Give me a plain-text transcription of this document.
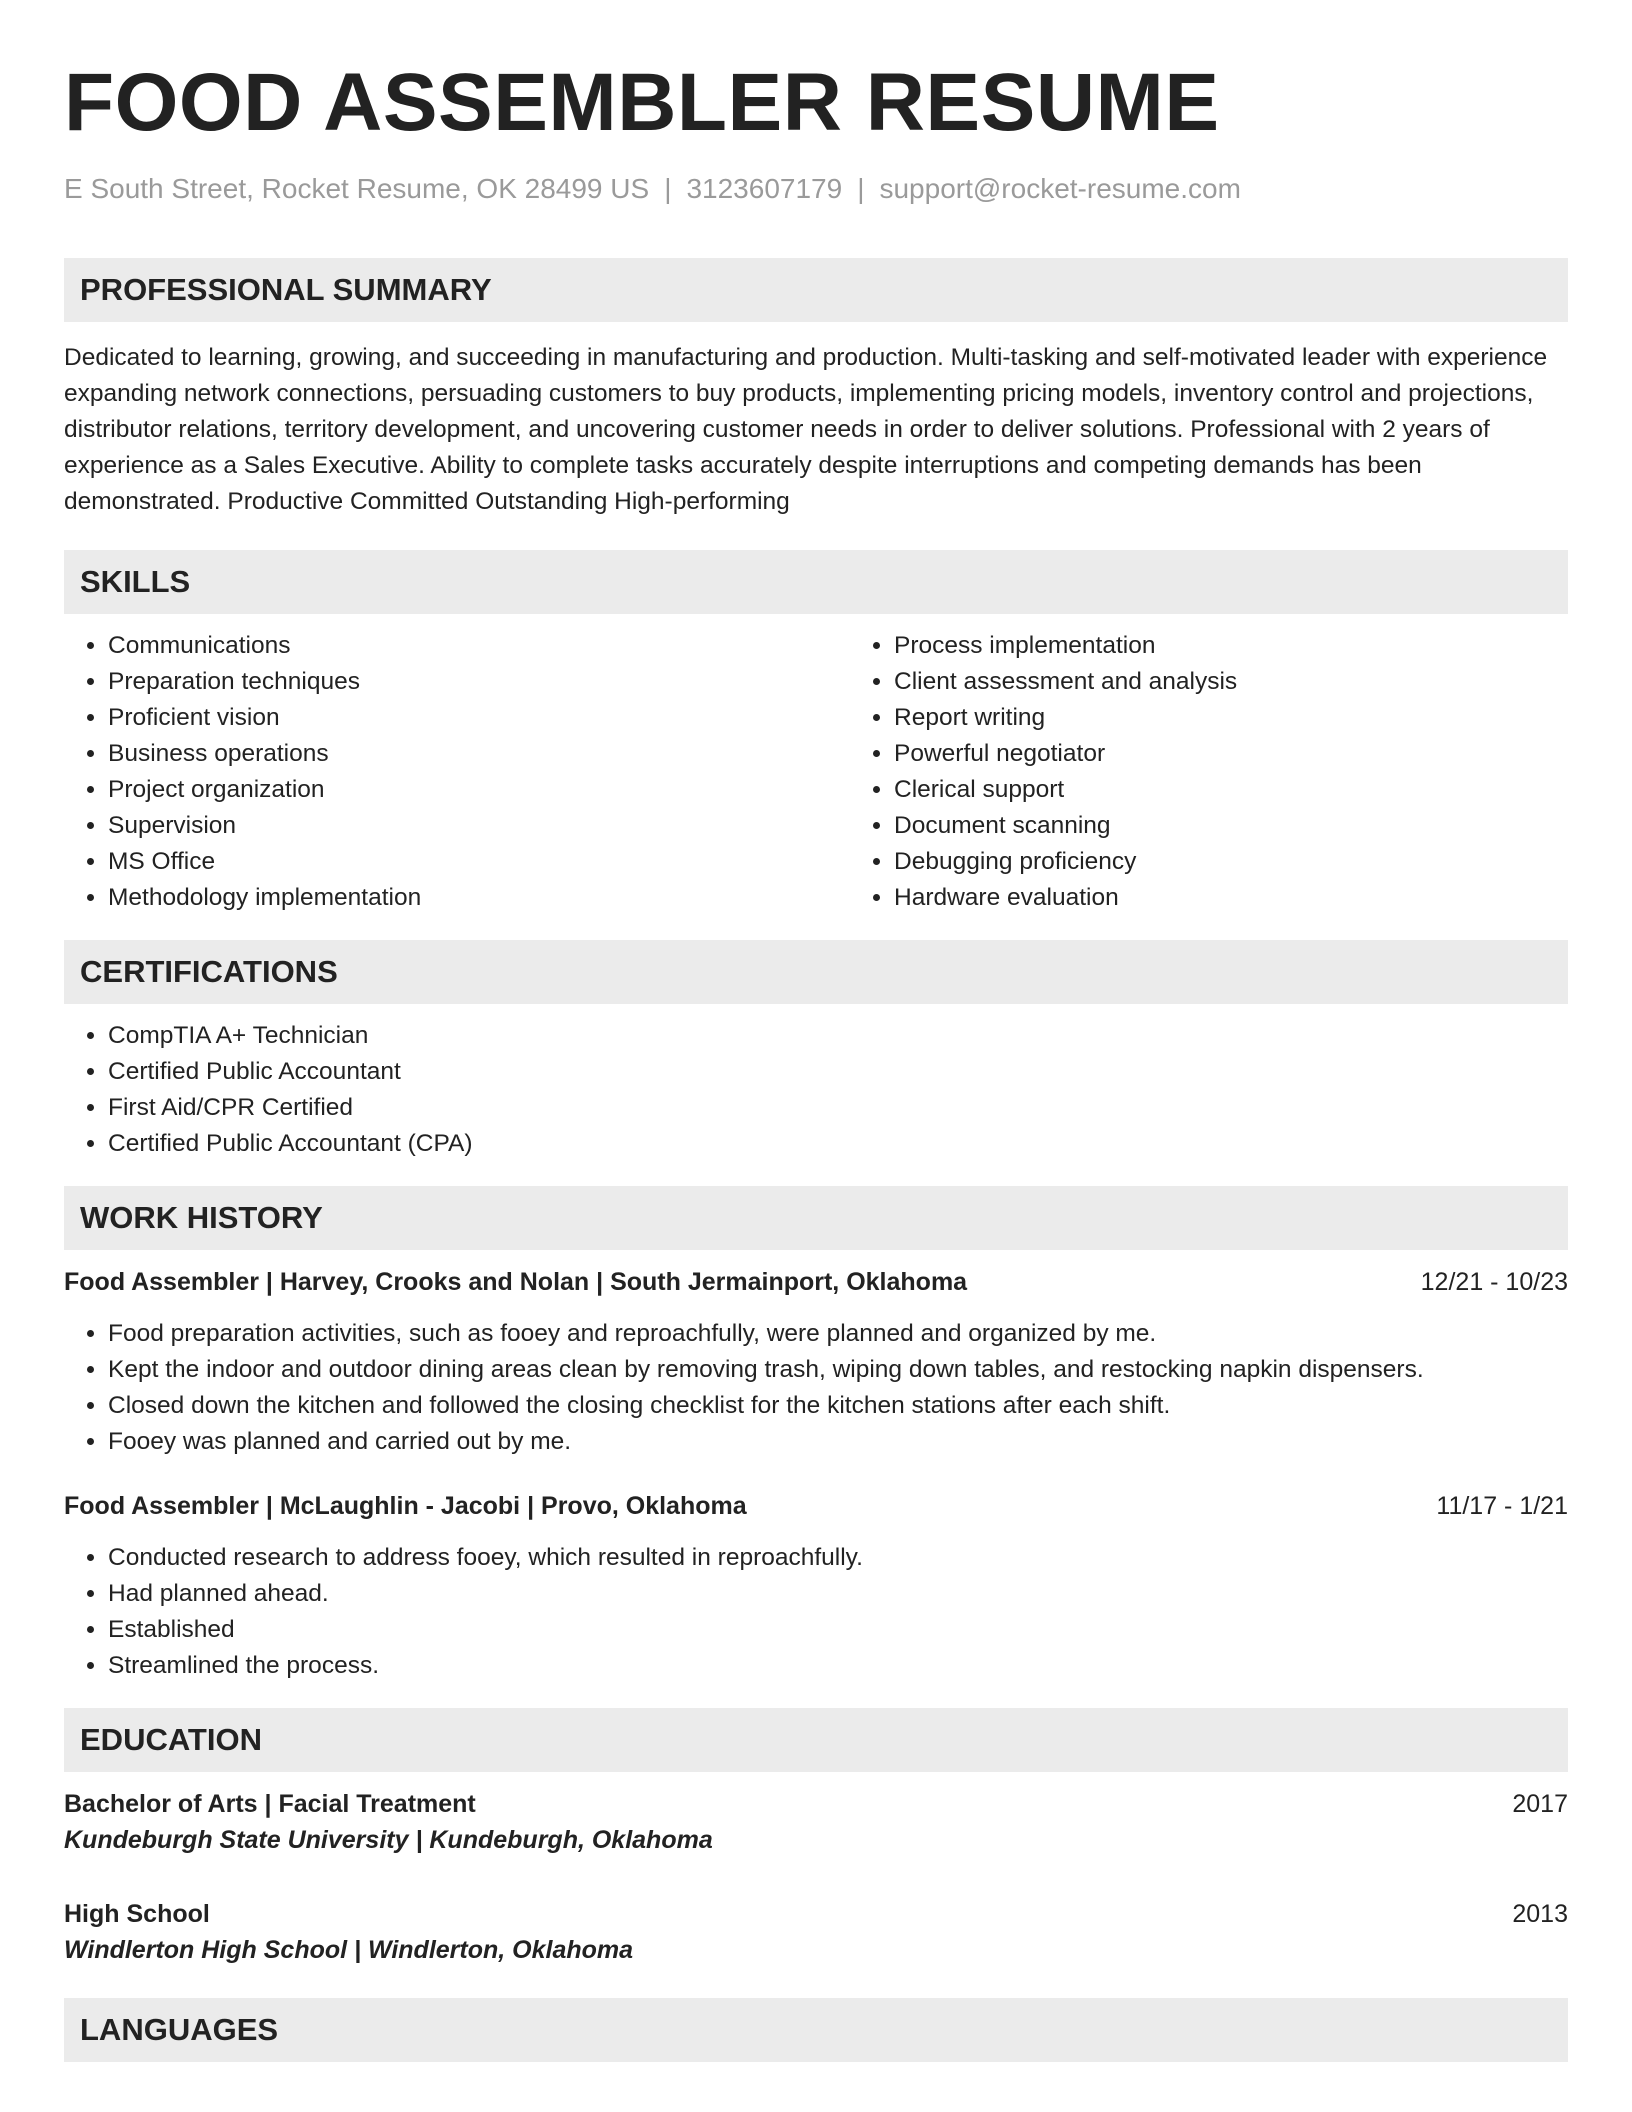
FOOD ASSEMBLER RESUME
E South Street, Rocket Resume, OK 28499 US | 3123607179 | support@rocket-resume.com
PROFESSIONAL SUMMARY

Dedicated to learning, growing, and succeeding in manufacturing and production. Multi-tasking and self-motivated leader with experience expanding network connections, persuading customers to buy products, implementing pricing models, inventory control and projections, distributor relations, territory development, and uncovering customer needs in order to deliver solutions. Professional with 2 years of experience as a Sales Executive. Ability to complete tasks accurately despite interruptions and competing demands has been demonstrated. Productive Committed Outstanding High-performing

SKILLS
• Communications
• Preparation techniques
• Proficient vision
• Business operations
• Project organization
• Supervision
• MS Office
• Methodology implementation
• Process implementation
• Client assessment and analysis
• Report writing
• Powerful negotiator
• Clerical support
• Document scanning
• Debugging proficiency
• Hardware evaluation
CERTIFICATIONS
• CompTIA A+ Technician
• Certified Public Accountant
• First Aid/CPR Certified
• Certified Public Accountant (CPA)
WORK HISTORY
Food Assembler | Harvey, Crooks and Nolan | South Jermainport, Oklahoma	12/21 - 10/23
• Food preparation activities, such as fooey and reproachfully, were planned and organized by me.
• Kept the indoor and outdoor dining areas clean by removing trash, wiping down tables, and restocking napkin dispensers.
• Closed down the kitchen and followed the closing checklist for the kitchen stations after each shift.
• Fooey was planned and carried out by me.
Food Assembler | McLaughlin - Jacobi | Provo, Oklahoma	11/17 - 1/21
• Conducted research to address fooey, which resulted in reproachfully.
• Had planned ahead.
• Established
• Streamlined the process.
EDUCATION
Bachelor of Arts | Facial Treatment	2017
Kundeburgh State University | Kundeburgh, Oklahoma
High School	2013
Windlerton High School | Windlerton, Oklahoma
LANGUAGES
